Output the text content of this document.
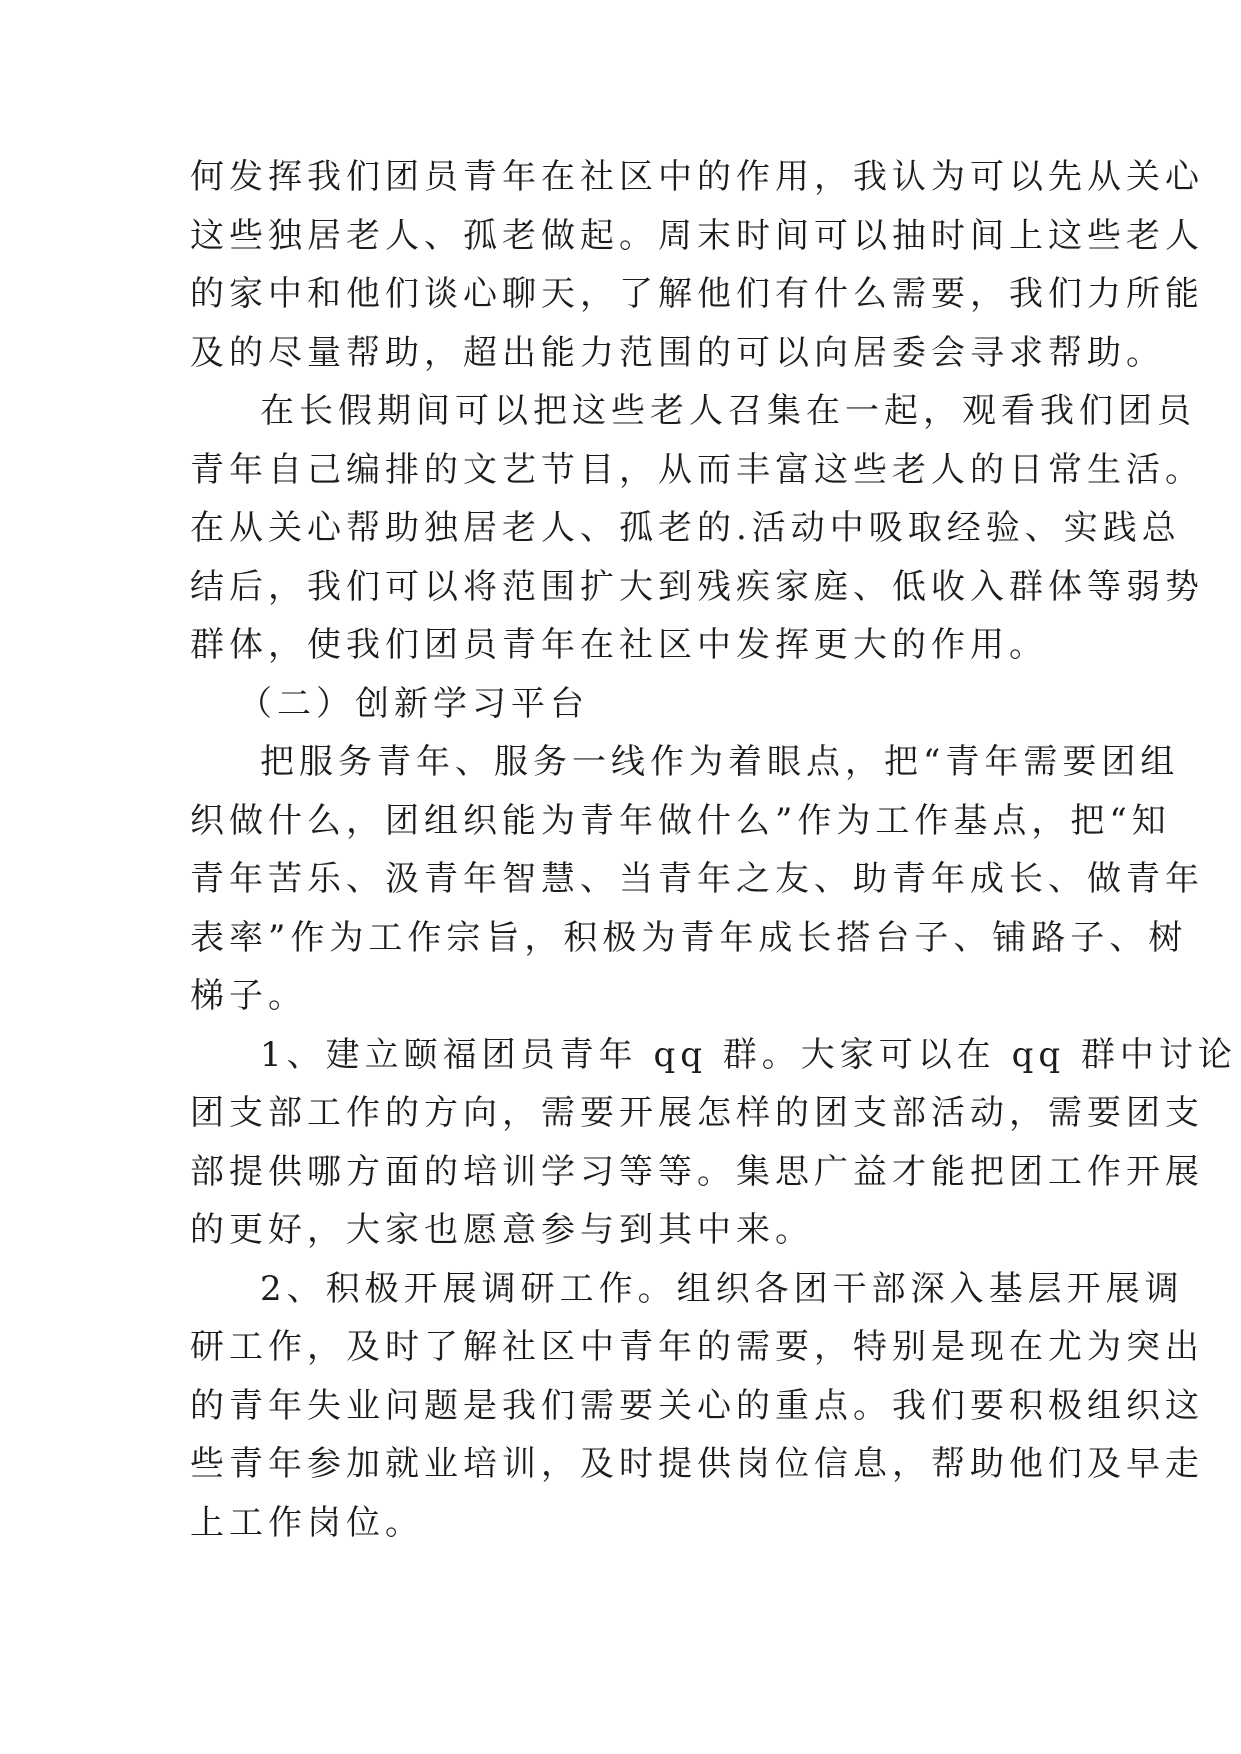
何发挥我们团员青年在社区中的作用，我认为可以先从关心
这些独居老人、孤老做起。周末时间可以抽时间上这些老人
的家中和他们谈心聊天，了解他们有什么需要，我们力所能
及的尽量帮助，超出能力范围的可以向居委会寻求帮助。
在长假期间可以把这些老人召集在一起，观看我们团员
青年自己编排的文艺节目，从而丰富这些老人的日常生活。
在从关心帮助独居老人、孤老的.活动中吸取经验、实践总
结后，我们可以将范围扩大到残疾家庭、低收入群体等弱势
群体，使我们团员青年在社区中发挥更大的作用。
（二）创新学习平台
把服务青年、服务一线作为着眼点，把“青年需要团组
织做什么，团组织能为青年做什么”作为工作基点，把“知
青年苦乐、汲青年智慧、当青年之友、助青年成长、做青年
表率”作为工作宗旨，积极为青年成长搭台子、铺路子、树
梯子。
1、建立颐福团员青年 qq 群。大家可以在 qq 群中讨论
团支部工作的方向，需要开展怎样的团支部活动，需要团支
部提供哪方面的培训学习等等。集思广益才能把团工作开展
的更好，大家也愿意参与到其中来。
2、积极开展调研工作。组织各团干部深入基层开展调
研工作，及时了解社区中青年的需要，特别是现在尤为突出
的青年失业问题是我们需要关心的重点。我们要积极组织这
些青年参加就业培训，及时提供岗位信息，帮助他们及早走
上工作岗位。
